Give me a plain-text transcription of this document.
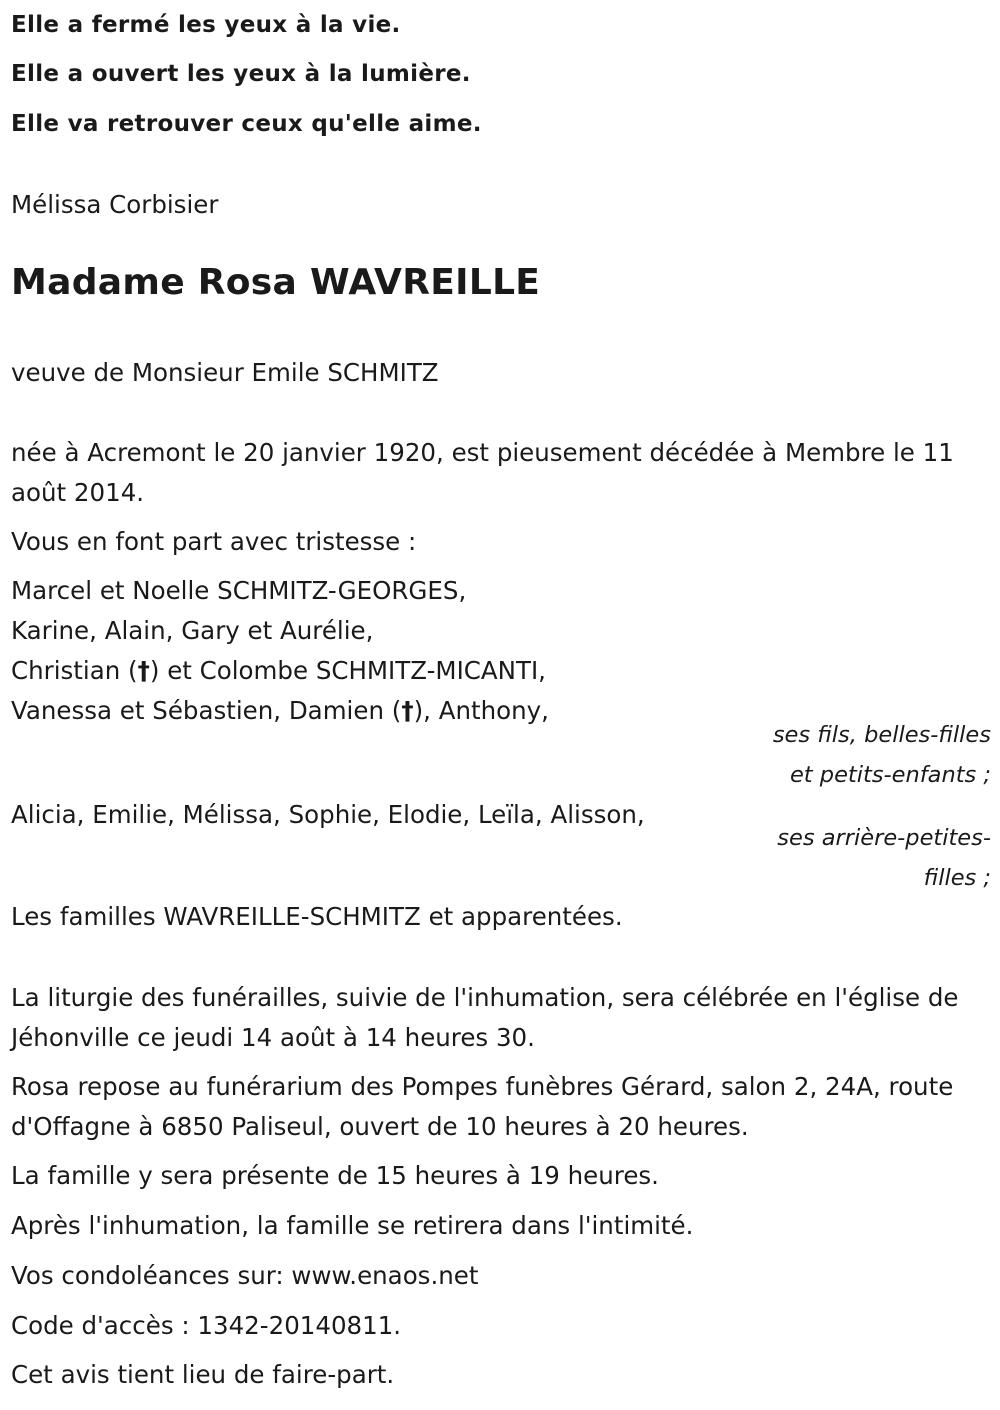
Elle a fermé les yeux à la vie.

Elle a ouvert les yeux à la lumière.

Elle va retrouver ceux qu'elle aime.

Mélissa Corbisier
Madame Rosa WAVREILLE
veuve de Monsieur Emile SCHMITZ
née à Acremont le 20 janvier 1920, est pieusement décédée à Membre le 11 août 2014.
Vous en font part avec tristesse :
Marcel et Noelle SCHMITZ-GEORGES,
Karine, Alain, Gary et Aurélie,
Christian (†) et Colombe SCHMITZ-MICANTI,
Vanessa et Sébastien, Damien (†), Anthony,
ses fils, belles-filles
et petits-enfants ;
Alicia, Emilie, Mélissa, Sophie, Elodie, Leïla, Alisson,
ses arrière-petites-
filles ;
Les familles WAVREILLE-SCHMITZ et apparentées.
La liturgie des funérailles, suivie de l'inhumation, sera célébrée en l'église de Jéhonville ce jeudi 14 août à 14 heures 30.
Rosa repose au funérarium des Pompes funèbres Gérard, salon 2, 24A, route d'Offagne à 6850 Paliseul, ouvert de 10 heures à 20 heures.
La famille y sera présente de 15 heures à 19 heures.
Après l'inhumation, la famille se retirera dans l'intimité.
Vos condoléances sur: www.enaos.net
Code d'accès : 1342-20140811.
Cet avis tient lieu de faire-part.
